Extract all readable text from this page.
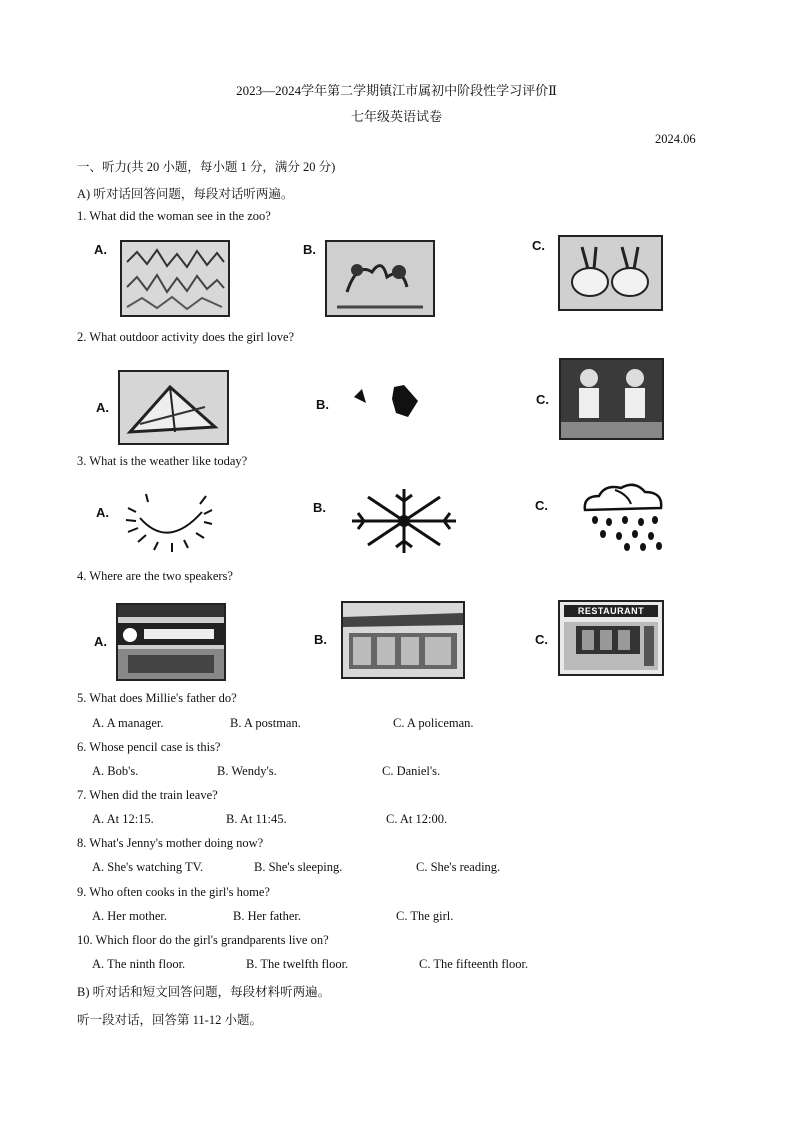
2023—2024学年第二学期镇江市属初中阶段性学习评价Ⅱ
七年级英语试卷
2024.06
一、听力(共 20 小题，每小题 1 分，满分 20 分)
A) 听对话回答问题，每段对话听两遍。
1. What did the woman see in the zoo?
A.	B.	C.
2. What outdoor activity does the girl love?
A.	B.	C.
3. What is the weather like today?
A.	B.	C.
4. Where are the two speakers?
A.	B.	C.
RESTAURANT
5. What does Millie's father do?
A. A manager.	B. A postman.	C. A policeman.
6. Whose pencil case is this?
A. Bob's.	B. Wendy's.	C. Daniel's.
7. When did the train leave?
A. At 12:15.	B. At 11:45.	C. At 12:00.
8. What's Jenny's mother doing now?
A. She's watching TV.	B. She's sleeping.	C. She's reading.
9. Who often cooks in the girl's home?
A. Her mother.	B. Her father.	C. The girl.
10. Which floor do the girl's grandparents live on?
A. The ninth floor.	B. The twelfth floor.	C. The fifteenth floor.
B) 听对话和短文回答问题，每段材料听两遍。
听一段对话，回答第 11-12 小题。
